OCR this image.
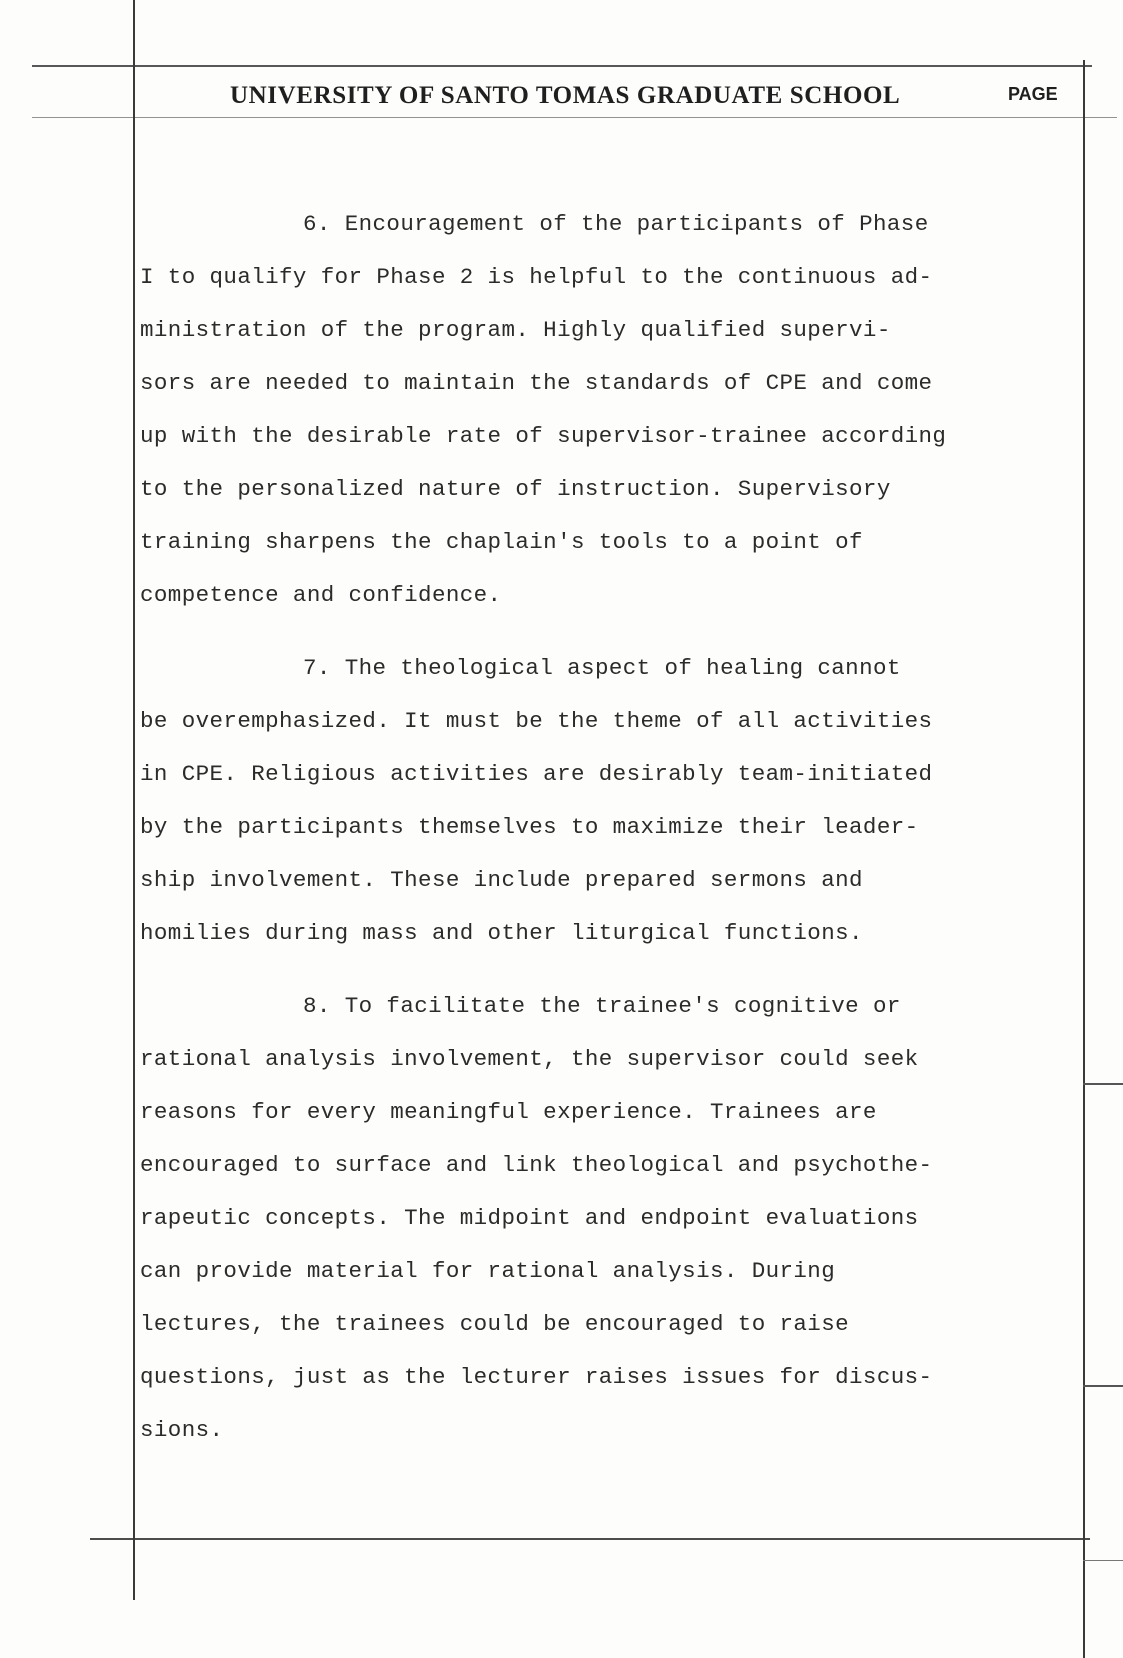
UNIVERSITY OF SANTO TOMAS GRADUATE SCHOOL	PAGE
6. Encouragement of the participants of Phase
I to qualify for Phase 2 is helpful to the continuous ad-
ministration of the program. Highly qualified supervi-
sors are needed to maintain the standards of CPE and come
up with the desirable rate of supervisor-trainee according
to the personalized nature of instruction. Supervisory
training sharpens the chaplain's tools to a point of
competence and confidence.
7. The theological aspect of healing cannot
be overemphasized. It must be the theme of all activities
in CPE. Religious activities are desirably team-initiated
by the participants themselves to maximize their leader-
ship involvement. These include prepared sermons and
homilies during mass and other liturgical functions.
8. To facilitate the trainee's cognitive or
rational analysis involvement, the supervisor could seek
reasons for every meaningful experience. Trainees are
encouraged to surface and link theological and psychothe-
rapeutic concepts. The midpoint and endpoint evaluations
can provide material for rational analysis. During
lectures, the trainees could be encouraged to raise
questions, just as the lecturer raises issues for discus-
sions.
